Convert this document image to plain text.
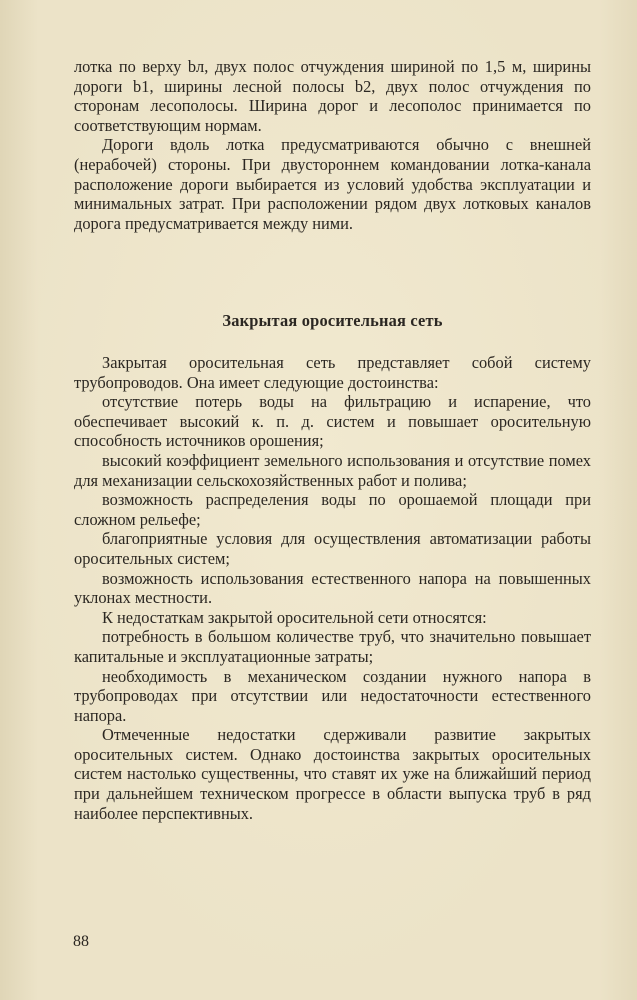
лотка по верху bл, двух полос отчуждения шириной по 1,5 м, ширины дороги b1, ширины лесной полосы b2, двух полос отчуждения по сторонам лесополосы. Ширина дорог и лесополос принимается по соответствующим нормам.

Дороги вдоль лотка предусматриваются обычно с внешней (нерабочей) стороны. При двустороннем командовании лотка-канала расположение дороги выбирается из условий удобства эксплуатации и минимальных затрат. При расположении рядом двух лотковых каналов дорога предусматривается между ними.

Закрытая оросительная сеть

Закрытая оросительная сеть представляет собой систему трубопроводов. Она имеет следующие достоинства:

отсутствие потерь воды на фильтрацию и испарение, что обеспечивает высокий к. п. д. систем и повышает оросительную способность источников орошения;

высокий коэффициент земельного использования и отсутствие помех для механизации сельскохозяйственных работ и полива;

возможность распределения воды по орошаемой площади при сложном рельефе;

благоприятные условия для осуществления автоматизации работы оросительных систем;

возможность использования естественного напора на повышенных уклонах местности.

К недостаткам закрытой оросительной сети относятся:

потребность в большом количестве труб, что значительно повышает капитальные и эксплуатационные затраты;

необходимость в механическом создании нужного напора в трубопроводах при отсутствии или недостаточности естественного напора.

Отмеченные недостатки сдерживали развитие закрытых оросительных систем. Однако достоинства закрытых оросительных систем настолько существенны, что ставят их уже на ближайший период при дальнейшем техническом прогрессе в области выпуска труб в ряд наиболее перспективных.

88
